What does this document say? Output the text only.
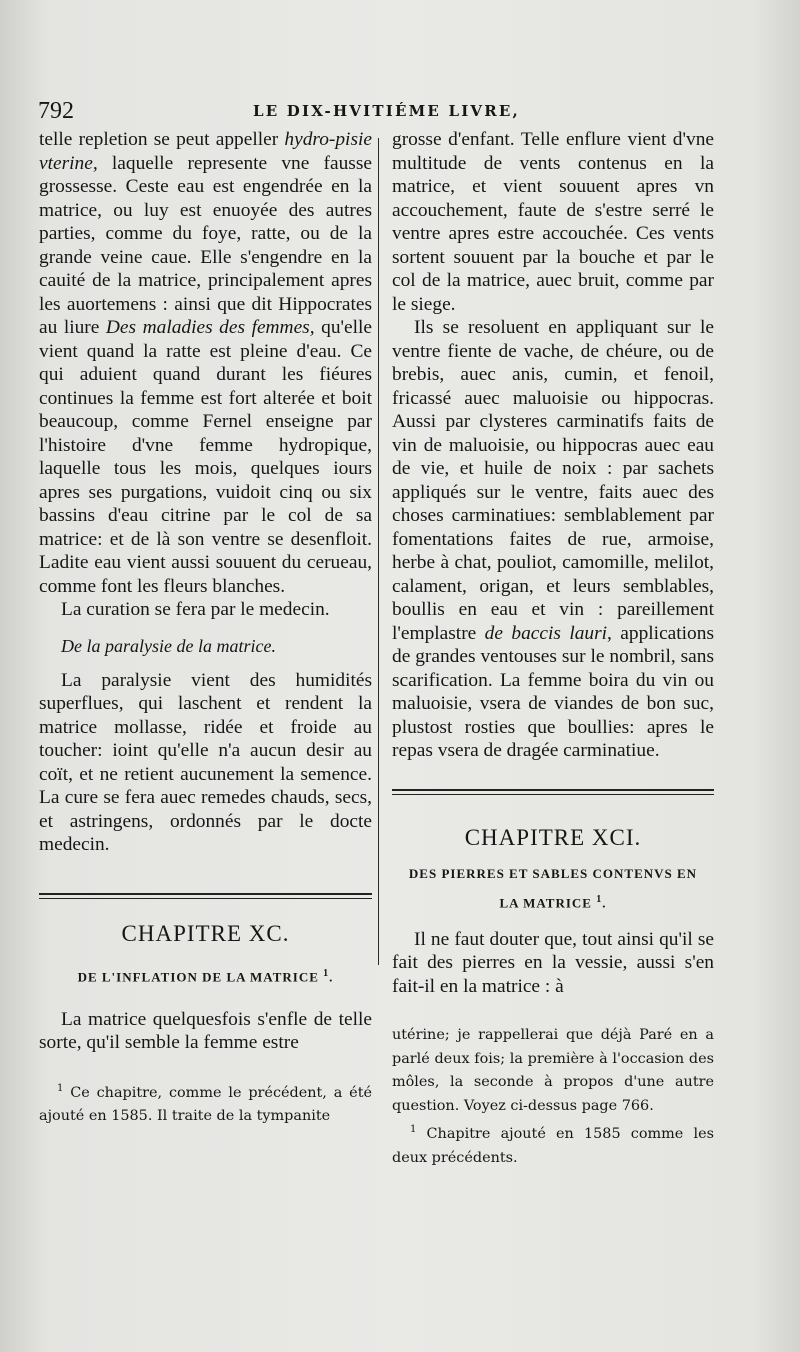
792	LE DIX-HVITIÉME LIVRE,

telle repletion se peut appeller hydro-pisie vterine, laquelle represente vne fausse grossesse. Ceste eau est engendrée en la matrice, ou luy est enuoyée des autres parties, comme du foye, ratte, ou de la grande veine caue. Elle s'engendre en la cauité de la matrice, principalement apres les auortemens : ainsi que dit Hippocrates au liure Des maladies des femmes, qu'elle vient quand la ratte est pleine d'eau. Ce qui aduient quand durant les fiéures continues la femme est fort alterée et boit beaucoup, comme Fernel enseigne par l'histoire d'vne femme hydropique, laquelle tous les mois, quelques iours apres ses purgations, vuidoit cinq ou six bassins d'eau citrine par le col de sa matrice: et de là son ventre se desenfloit. Ladite eau vient aussi souuent du cerueau, comme font les fleurs blanches.

La curation se fera par le medecin.

De la paralysie de la matrice.

La paralysie vient des humidités superflues, qui laschent et rendent la matrice mollasse, ridée et froide au toucher: ioint qu'elle n'a aucun desir au coït, et ne retient aucunement la semence. La cure se fera auec remedes chauds, secs, et astringens, ordonnés par le docte medecin.

CHAPITRE XC.
DE L'INFLATION DE LA MATRICE $^1$.

La matrice quelquesfois s'enfle de telle sorte, qu'il semble la femme estre

$^1$ Ce chapitre, comme le précédent, a été ajouté en 1585. Il traite de la tympanite

grosse d'enfant. Telle enflure vient d'vne multitude de vents contenus en la matrice, et vient souuent apres vn accouchement, faute de s'estre serré le ventre apres estre accouchée. Ces vents sortent souuent par la bouche et par le col de la matrice, auec bruit, comme par le siege.

Ils se resoluent en appliquant sur le ventre fiente de vache, de chéure, ou de brebis, auec anis, cumin, et fenoil, fricassé auec maluoisie ou hippocras. Aussi par clysteres carminatifs faits de vin de maluoisie, ou hippocras auec eau de vie, et huile de noix : par sachets appliqués sur le ventre, faits auec des choses carminatiues: semblablement par fomentations faites de rue, armoise, herbe à chat, pouliot, camomille, melilot, calament, origan, et leurs semblables, boullis en eau et vin : pareillement l'emplastre de baccis lauri, applications de grandes ventouses sur le nombril, sans scarification. La femme boira du vin ou maluoisie, vsera de viandes de bon suc, plustost rosties que boullies: apres le repas vsera de dragée carminatiue.

CHAPITRE XCI.
DES PIERRES ET SABLES CONTENVS EN
LA MATRICE $^1$.

Il ne faut douter que, tout ainsi qu'il se fait des pierres en la vessie, aussi s'en fait-il en la matrice : à

utérine; je rappellerai que déjà Paré en a parlé deux fois; la première à l'occasion des môles, la seconde à propos d'une autre question. Voyez ci-dessus page 766.

$^1$ Chapitre ajouté en 1585 comme les deux précédents.
